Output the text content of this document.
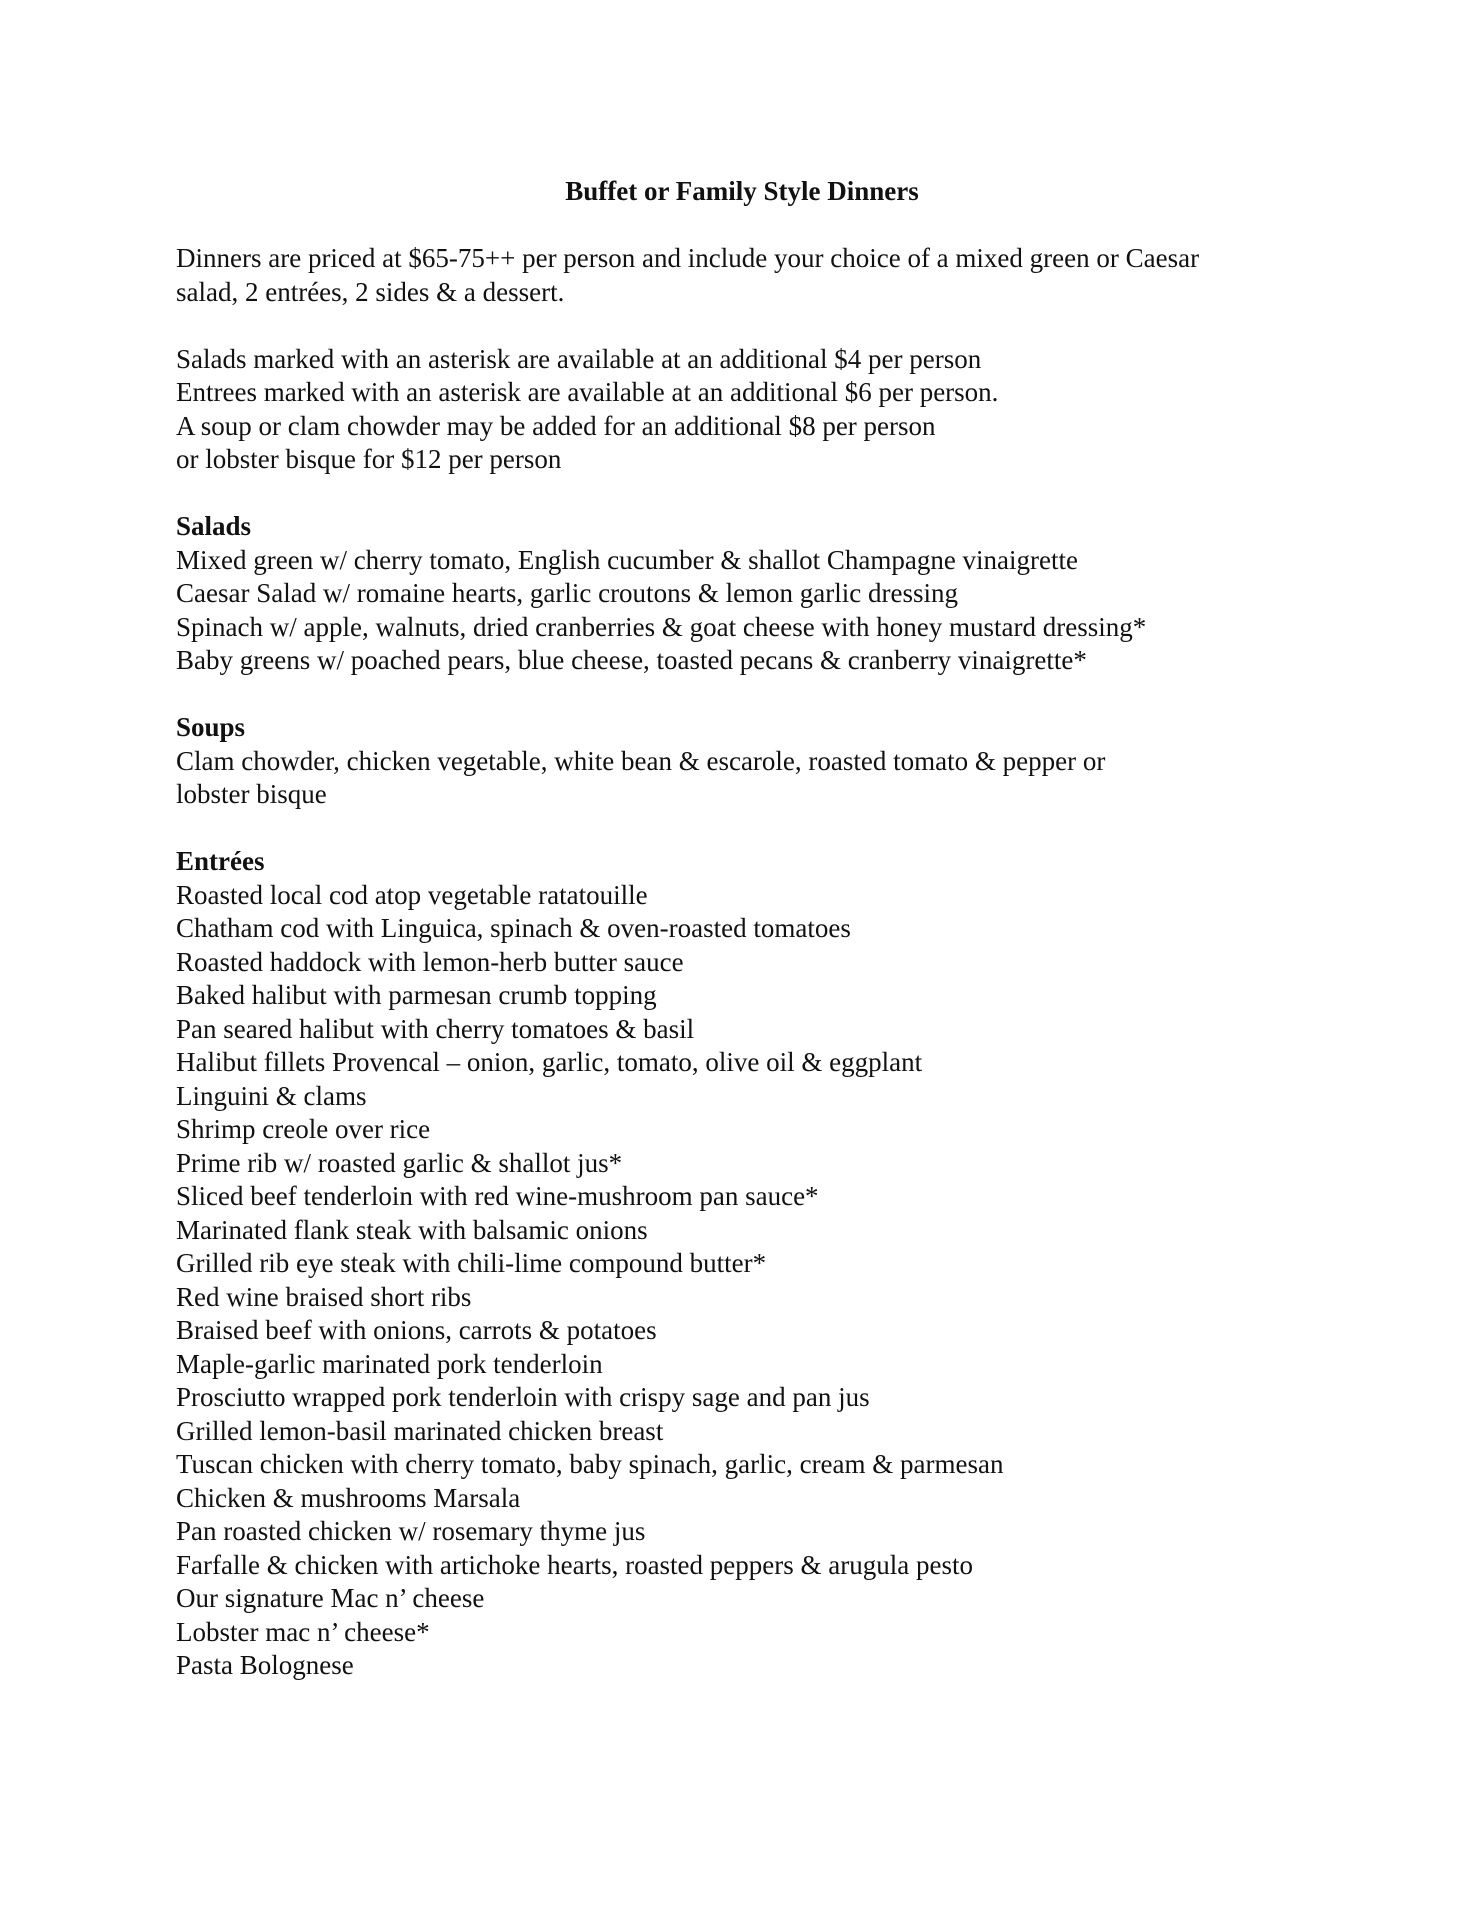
Buffet or Family Style Dinners
Dinners are priced at $65-75++ per person and include your choice of a mixed green or Caesar
salad, 2 entrées, 2 sides & a dessert.
Salads marked with an asterisk are available at an additional $4 per person
Entrees marked with an asterisk are available at an additional $6 per person.
A soup or clam chowder may be added for an additional $8 per person
or lobster bisque for $12 per person
Salads
Mixed green w/ cherry tomato, English cucumber & shallot Champagne vinaigrette
Caesar Salad w/ romaine hearts, garlic croutons & lemon garlic dressing
Spinach w/ apple, walnuts, dried cranberries & goat cheese with honey mustard dressing*
Baby greens w/ poached pears, blue cheese, toasted pecans & cranberry vinaigrette*
Soups
Clam chowder, chicken vegetable, white bean & escarole, roasted tomato & pepper or
lobster bisque
Entrées
Roasted local cod atop vegetable ratatouille
Chatham cod with Linguica, spinach & oven-roasted tomatoes
Roasted haddock with lemon-herb butter sauce
Baked halibut with parmesan crumb topping
Pan seared halibut with cherry tomatoes & basil
Halibut fillets Provencal – onion, garlic, tomato, olive oil & eggplant
Linguini & clams
Shrimp creole over rice
Prime rib w/ roasted garlic & shallot jus*
Sliced beef tenderloin with red wine-mushroom pan sauce*
Marinated flank steak with balsamic onions
Grilled rib eye steak with chili-lime compound butter*
Red wine braised short ribs
Braised beef with onions, carrots & potatoes
Maple-garlic marinated pork tenderloin
Prosciutto wrapped pork tenderloin with crispy sage and pan jus
Grilled lemon-basil marinated chicken breast
Tuscan chicken with cherry tomato, baby spinach, garlic, cream & parmesan
Chicken & mushrooms Marsala
Pan roasted chicken w/ rosemary thyme jus
Farfalle & chicken with artichoke hearts, roasted peppers & arugula pesto
Our signature Mac n’ cheese
Lobster mac n’ cheese*
Pasta Bolognese
